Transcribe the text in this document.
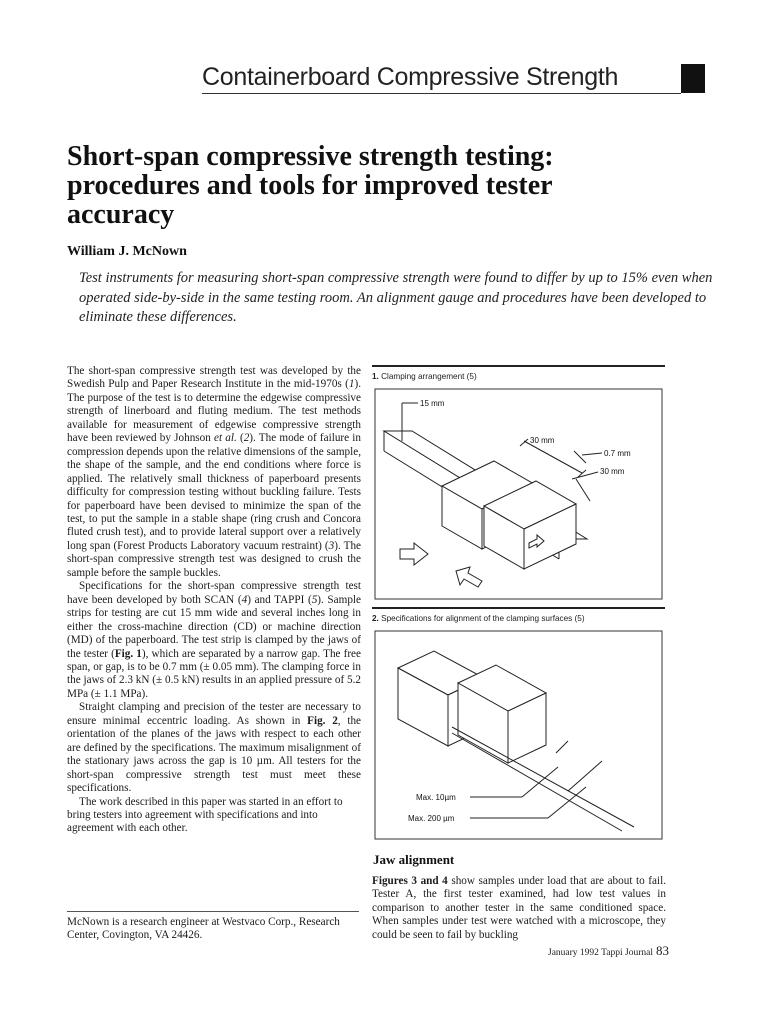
Containerboard Compressive Strength
Short-span compressive strength testing: procedures and tools for improved tester accuracy
William J. McNown
Test instruments for measuring short-span compressive strength were found to differ by up to 15% even when operated side-by-side in the same testing room. An alignment gauge and procedures have been developed to eliminate these differences.

The short-span compressive strength test was developed by the Swedish Pulp and Paper Research Institute in the mid-1970s (1). The purpose of the test is to determine the edgewise compressive strength of linerboard and fluting medium. The test methods available for measurement of edgewise compressive strength have been reviewed by Johnson et al. (2). The mode of failure in compression depends upon the relative dimensions of the sample, the shape of the sample, and the end conditions where force is applied. The relatively small thickness of paperboard presents difficulty for compression testing without buckling failure. Tests for paperboard have been devised to minimize the span of the test, to put the sample in a stable shape (ring crush and Concora fluted crush test), and to provide lateral support over a relatively long span (Forest Products Laboratory vacuum restraint) (3). The short-span compressive strength test was designed to crush the sample before the sample buckles.

Specifications for the short-span compressive strength test have been developed by both SCAN (4) and TAPPI (5). Sample strips for testing are cut 15 mm wide and several inches long in either the cross-machine direction (CD) or machine direction (MD) of the paperboard. The test strip is clamped by the jaws of the tester (Fig. 1), which are separated by a narrow gap. The free span, or gap, is to be 0.7 mm (± 0.05 mm). The clamping force in the jaws of 2.3 kN (± 0.5 kN) results in an applied pressure of 5.2 MPa (± 1.1 MPa).

Straight clamping and precision of the tester are necessary to ensure minimal eccentric loading. As shown in Fig. 2, the orientation of the planes of the jaws with respect to each other are defined by the specifications. The maximum misalignment of the stationary jaws across the gap is 10 µm. All testers for the short-span compressive strength test must meet these specifications.

The work described in this paper was started in an effort to bring testers into agreement with specifications and into agreement with each other.

McNown is a research engineer at Westvaco Corp., Research Center, Covington, VA 24426.
1. Clamping arrangement (5)
15 mm
30 mm
0.7 mm
30 mm
2. Specifications for alignment of the clamping surfaces (5)
Max. 10µm
Max. 200 µm
Jaw alignment

Figures 3 and 4 show samples under load that are about to fail. Tester A, the first tester examined, had low test values in comparison to another tester in the same conditioned space. When samples under test were watched with a microscope, they could be seen to fail by buckling

January 1992 Tappi Journal 83
